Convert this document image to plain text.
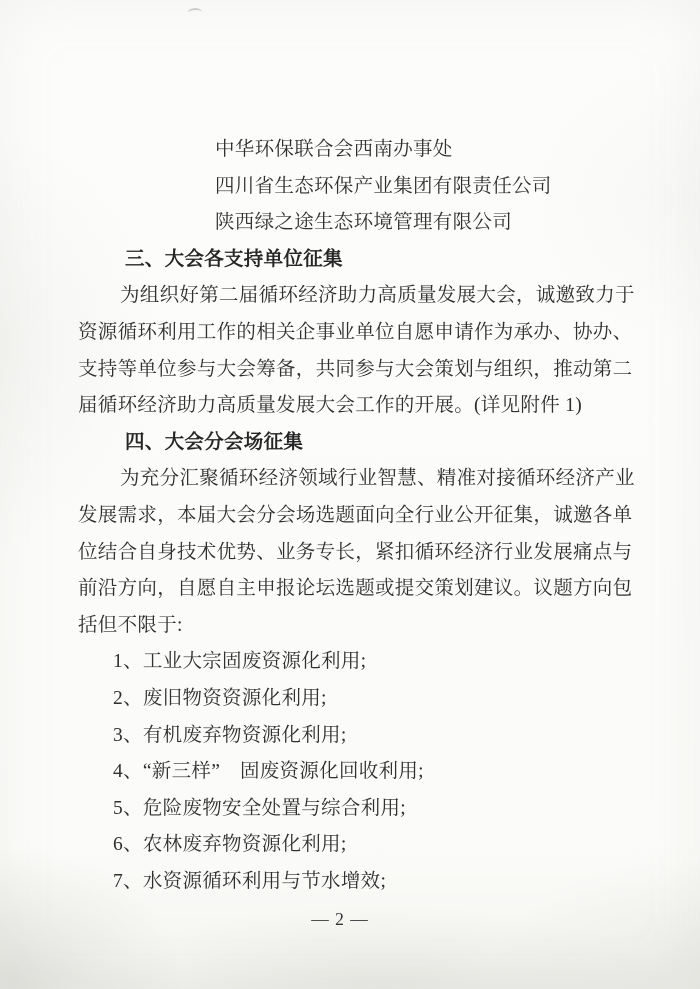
中华环保联合会西南办事处
四川省生态环保产业集团有限责任公司
陕西绿之途生态环境管理有限公司
三、大会各支持单位征集
为组织好第二届循环经济助力高质量发展大会，诚邀致力于
资源循环利用工作的相关企事业单位自愿申请作为承办、协办、
支持等单位参与大会筹备，共同参与大会策划与组织，推动第二
届循环经济助力高质量发展大会工作的开展。(详见附件 1)
四、大会分会场征集
为充分汇聚循环经济领域行业智慧、精准对接循环经济产业
发展需求，本届大会分会场选题面向全行业公开征集，诚邀各单
位结合自身技术优势、业务专长，紧扣循环经济行业发展痛点与
前沿方向，自愿自主申报论坛选题或提交策划建议。议题方向包
括但不限于:
1、工业大宗固废资源化利用;
2、废旧物资资源化利用;
3、有机废弃物资源化利用;
4、“新三样”　固废资源化回收利用;
5、危险废物安全处置与综合利用;
6、农林废弃物资源化利用;
7、水资源循环利用与节水增效;
— 2 —
